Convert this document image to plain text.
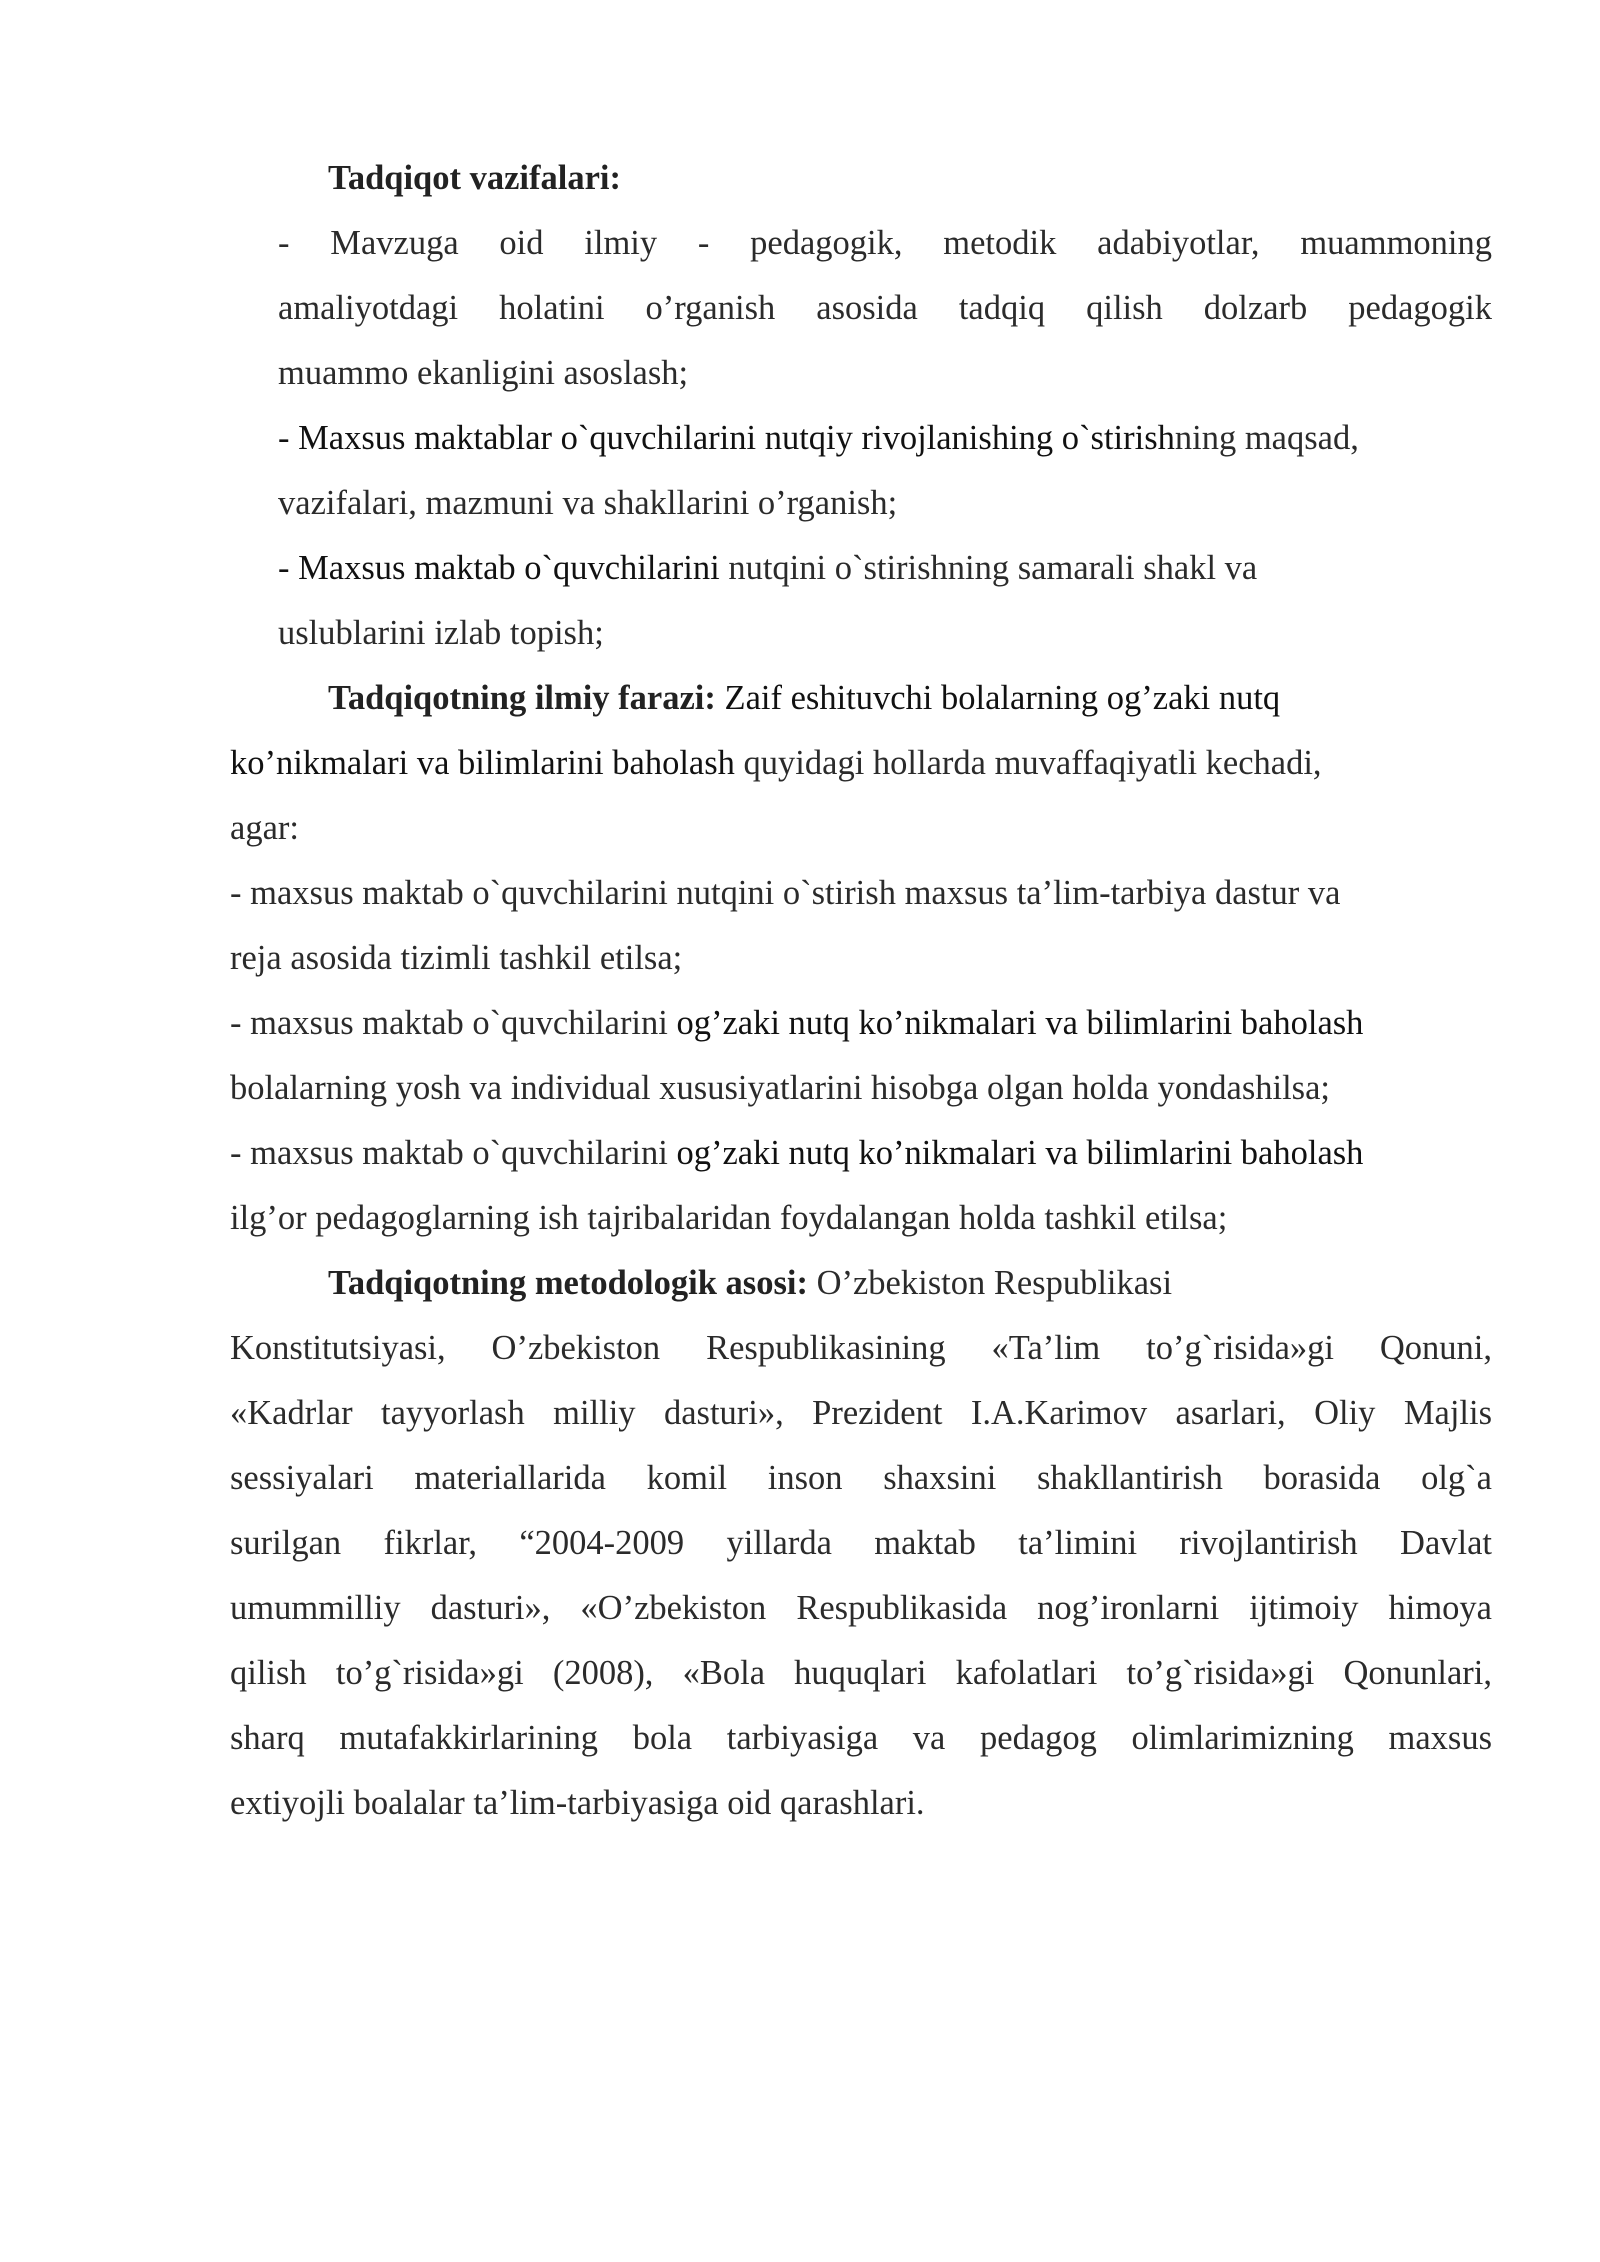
Tadqiqot vazifalari:
- Mavzuga oid ilmiy - pedagogik, metodik adabiyotlar, muammoning
amaliyotdagi holatini o’rganish asosida tadqiq qilish dolzarb pedagogik
muammo ekanligini asoslash;
- Maxsus maktablar o`quvchilarini nutqiy rivojlanishing o`stirishning maqsad,
vazifalari, mazmuni va shakllarini o’rganish;
- Maxsus maktab o`quvchilarini nutqini o`stirishning samarali shakl va
uslublarini izlab topish;
Tadqiqotning ilmiy farazi: Zaif eshituvchi bolalarning og’zaki nutq
ko’nikmalari va bilimlarini baholash quyidagi hollarda muvaffaqiyatli kechadi,
agar:
- maxsus maktab o`quvchilarini nutqini o`stirish maxsus ta’lim-tarbiya dastur va
reja asosida tizimli tashkil etilsa;
- maxsus maktab o`quvchilarini og’zaki nutq ko’nikmalari va bilimlarini baholash
bolalarning yosh va individual xususiyatlarini hisobga olgan holda yondashilsa;
- maxsus maktab o`quvchilarini og’zaki nutq ko’nikmalari va bilimlarini baholash
ilg’or pedagoglarning ish tajribalaridan foydalangan holda tashkil etilsa;
Tadqiqotning metodologik asosi: O’zbekiston Respublikasi
Konstitutsiyasi, O’zbekiston Respublikasining «Ta’lim to’g`risida»gi Qonuni,
«Kadrlar tayyorlash milliy dasturi», Prezident I.A.Karimov asarlari, Oliy Majlis
sessiyalari materiallarida komil inson shaxsini shakllantirish borasida olg`a
surilgan fikrlar, “2004-2009 yillarda maktab ta’limini rivojlantirish Davlat
umummilliy dasturi», «O’zbekiston Respublikasida nog’ironlarni ijtimoiy himoya
qilish to’g`risida»gi (2008), «Bola huquqlari kafolatlari to’g`risida»gi Qonunlari,
sharq mutafakkirlarining bola tarbiyasiga va pedagog olimlarimizning maxsus
extiyojli boalalar ta’lim-tarbiyasiga oid qarashlari.
